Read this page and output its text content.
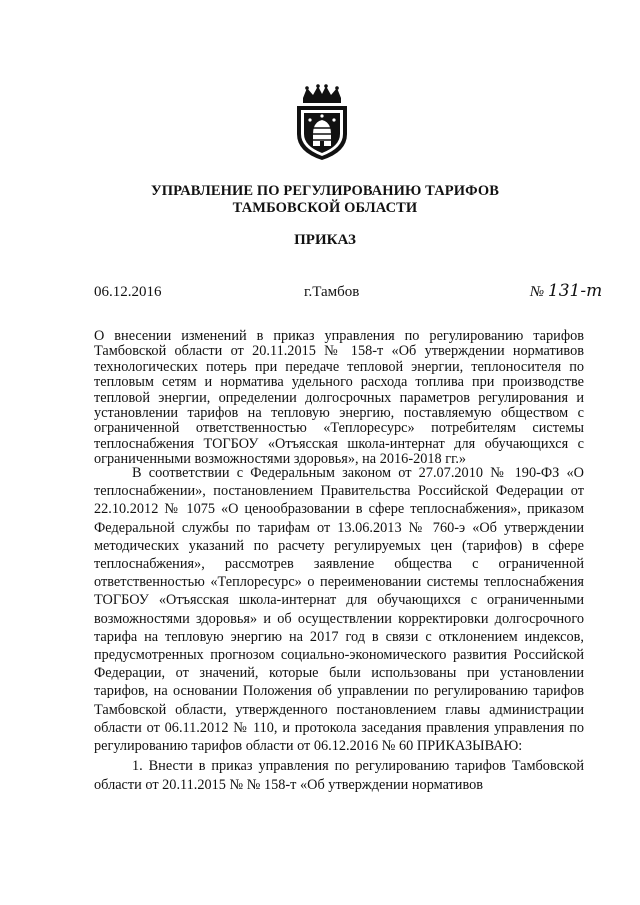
УПРАВЛЕНИЕ ПО РЕГУЛИРОВАНИЮ ТАРИФОВ
ТАМБОВСКОЙ ОБЛАСТИ
ПРИКАЗ
06.12.2016	г.Тамбов	№ 131-т
О внесении изменений в приказ управления по регулированию тарифов Тамбовской области от 20.11.2015 № 158-т «Об утверждении нормативов технологических потерь при передаче тепловой энергии, теплоносителя по тепловым сетям и норматива удельного расхода топлива при производстве тепловой энергии, определении долгосрочных параметров регулирования и установлении тарифов на тепловую энергию, поставляемую обществом с ограниченной ответственностью «Теплоресурс» потребителям системы теплоснабжения ТОГБОУ «Отъясская школа-интернат для обучающихся с ограниченными возможностями здоровья», на 2016-2018 гг.»

В соответствии с Федеральным законом от 27.07.2010 № 190-ФЗ «О теплоснабжении», постановлением Правительства Российской Федерации от 22.10.2012 № 1075 «О ценообразовании в сфере теплоснабжения», приказом Федеральной службы по тарифам от 13.06.2013 № 760-э «Об утверждении методических указаний по расчету регулируемых цен (тарифов) в сфере теплоснабжения», рассмотрев заявление общества с ограниченной ответственностью «Теплоресурс» о переименовании системы теплоснабжения ТОГБОУ «Отъясская школа-интернат для обучающихся с ограниченными возможностями здоровья» и об осуществлении корректировки долгосрочного тарифа на тепловую энергию на 2017 год в связи с отклонением индексов, предусмотренных прогнозом социально-экономического развития Российской Федерации, от значений, которые были использованы при установлении тарифов, на основании Положения об управлении по регулированию тарифов Тамбовской области, утвержденного постановлением главы администрации области от 06.11.2012 № 110, и протокола заседания правления управления по регулированию тарифов области от 06.12.2016 № 60 ПРИКАЗЫВАЮ:

1. Внести в приказ управления по регулированию тарифов Тамбовской области от 20.11.2015 № № 158-т «Об утверждении нормативов
